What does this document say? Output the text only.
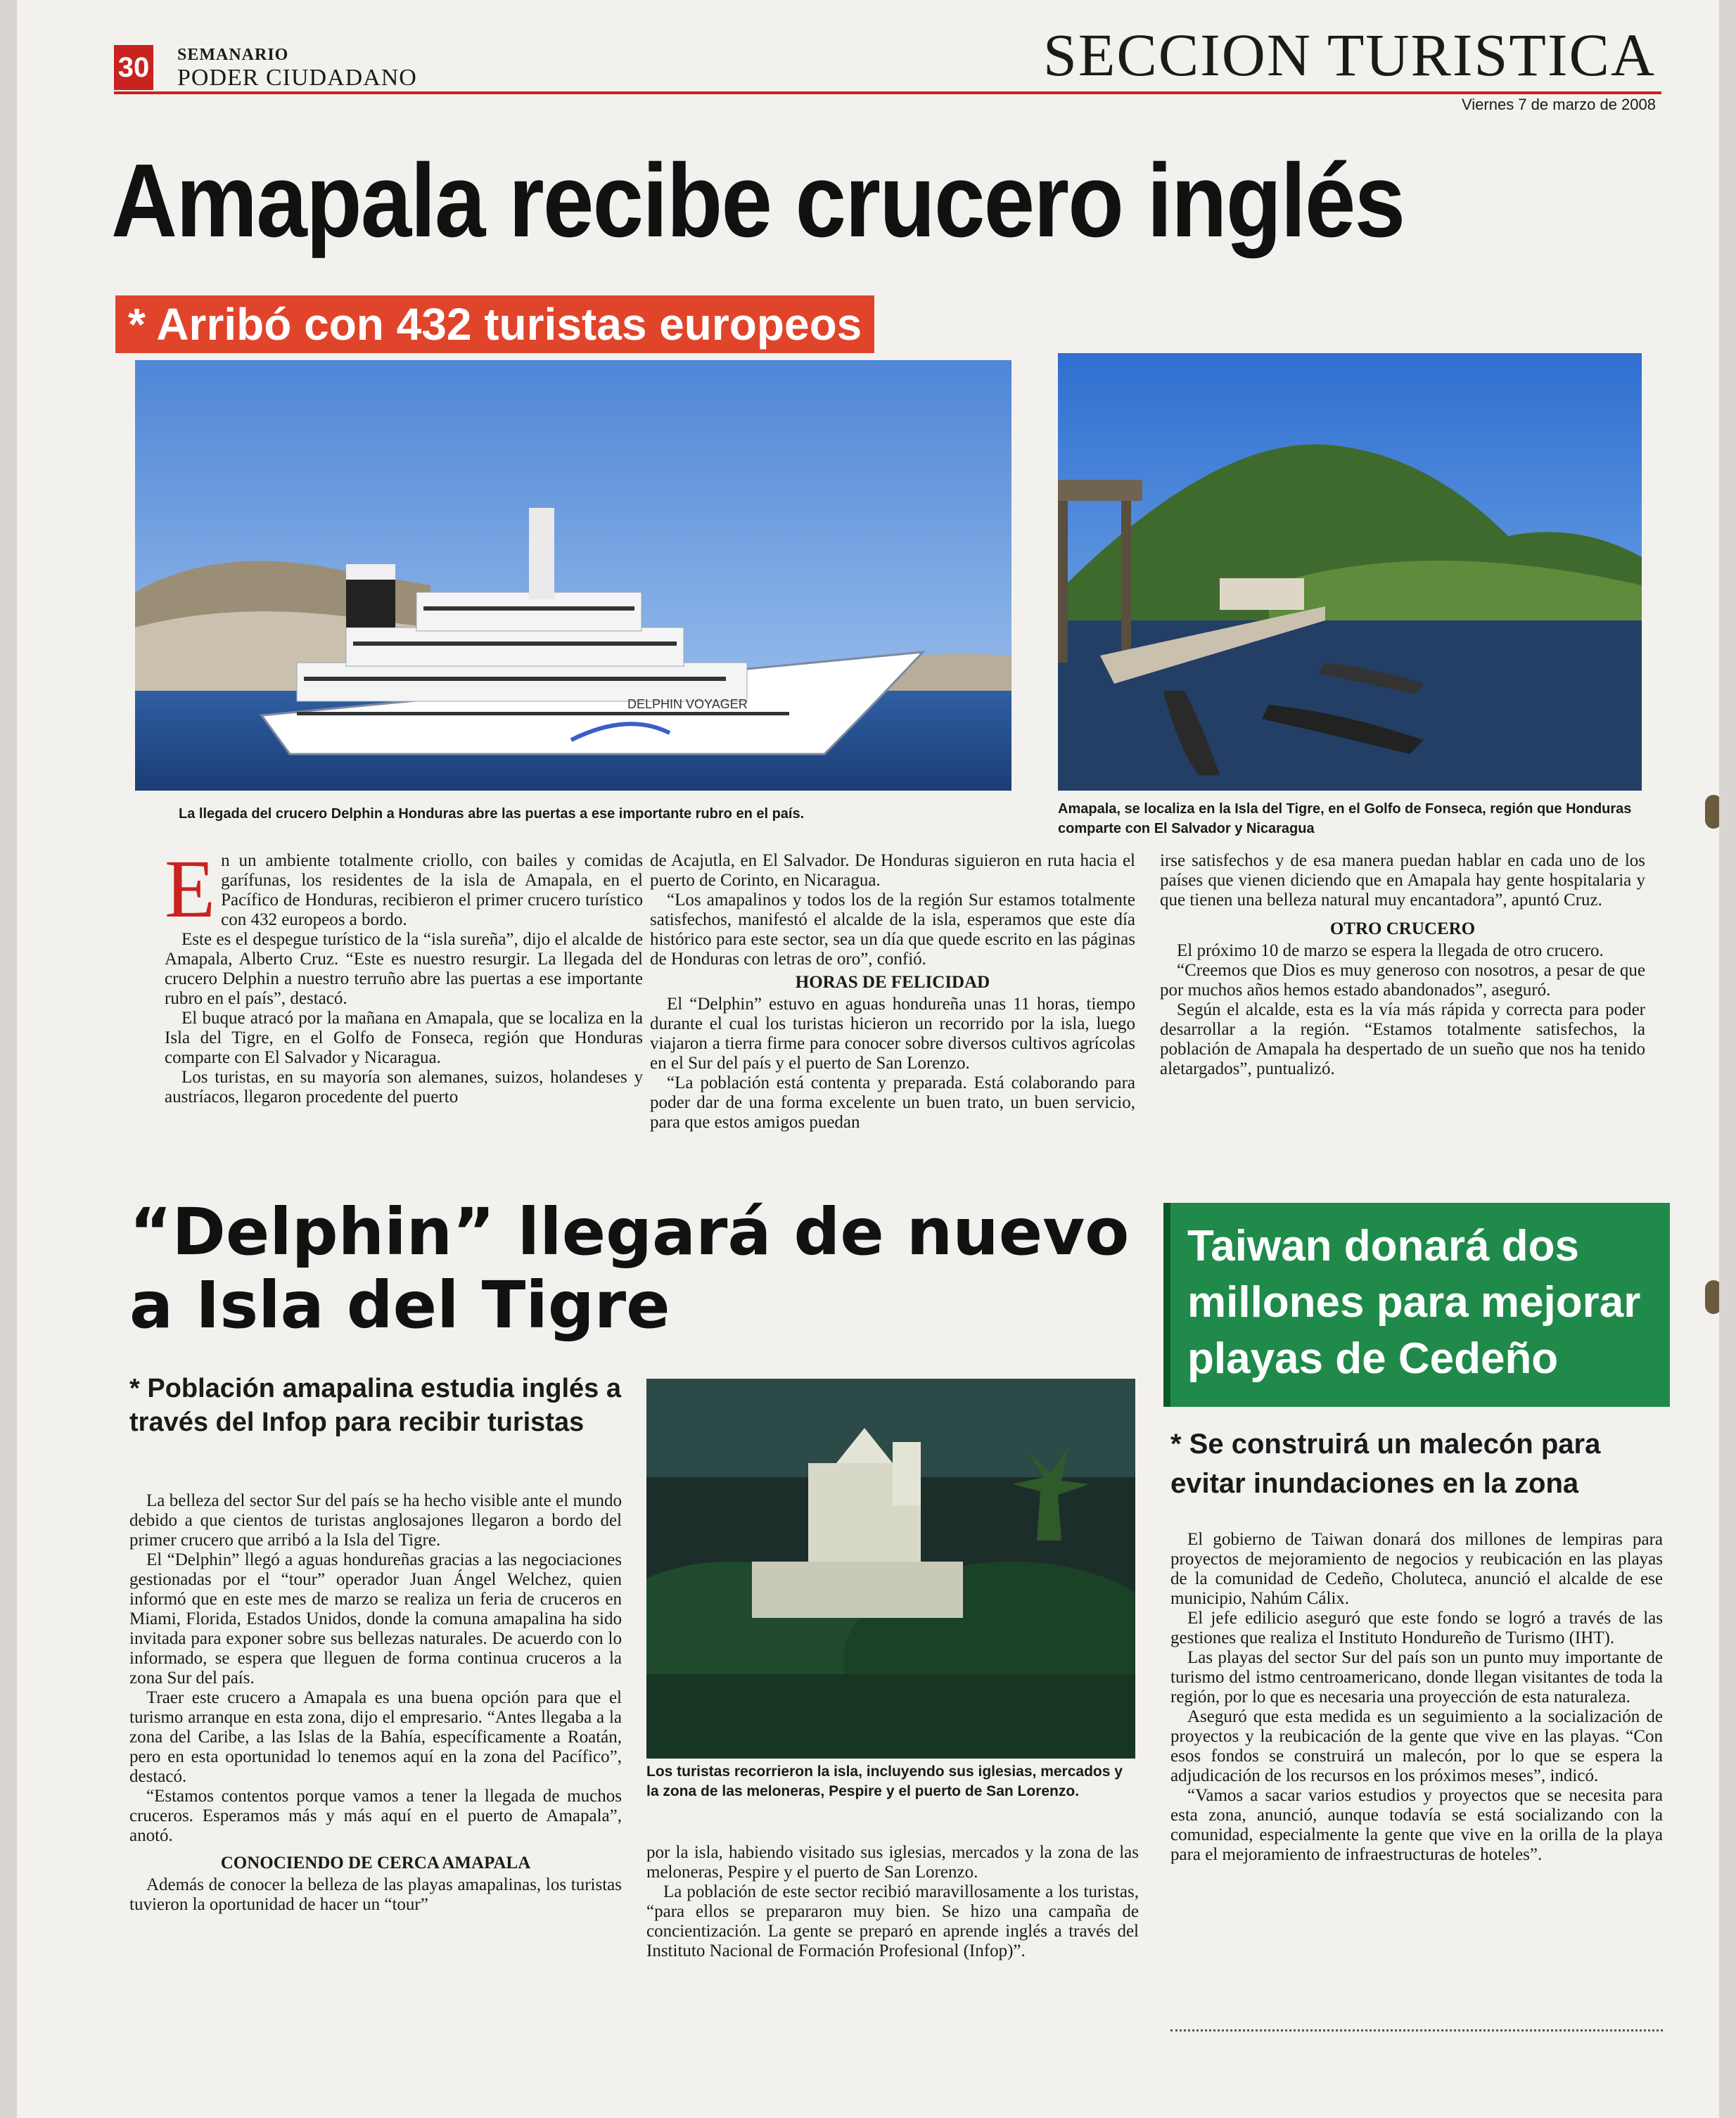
30 SEMANARIO
PODER CIUDADANO	SECCION TURISTICA
Viernes 7 de marzo de 2008
Amapala recibe crucero inglés
* Arribó con 432 turistas europeos
DELPHIN VOYAGER
La llegada del crucero Delphin a Honduras abre las puertas a ese importante rubro en el país.	Amapala, se localiza en la Isla del Tigre, en el Golfo de Fonseca, región que Honduras comparte con El Salvador y Nicaragua

En un ambiente totalmente criollo, con bailes y comidas garífunas, los residentes de la isla de Amapala, en el Pacífico de Honduras, recibieron el primer crucero turístico con 432 europeos a bordo.

Este es el despegue turístico de la “isla sureña”, dijo el alcalde de Amapala, Alberto Cruz. “Este es nuestro resurgir. La llegada del crucero Delphin a nuestro terruño abre las puertas a ese importante rubro en el país”, destacó.

El buque atracó por la mañana en Amapala, que se localiza en la Isla del Tigre, en el Golfo de Fonseca, región que Honduras comparte con El Salvador y Nicaragua.

Los turistas, en su mayoría son alemanes, suizos, holandeses y austríacos, llegaron procedente del puerto

de Acajutla, en El Salvador. De Honduras siguieron en ruta hacia el puerto de Corinto, en Nicaragua.

“Los amapalinos y todos los de la región Sur estamos totalmente satisfechos, manifestó el alcalde de la isla, esperamos que este día histórico para este sector, sea un día que quede escrito en las páginas de Honduras con letras de oro”, confió.

HORAS DE FELICIDAD

El “Delphin” estuvo en aguas hondureña unas 11 horas, tiempo durante el cual los turistas hicieron un recorrido por la isla, luego viajaron a tierra firme para conocer sobre diversos cultivos agrícolas en el Sur del país y el puerto de San Lorenzo.

“La población está contenta y preparada. Está colaborando para poder dar de una forma excelente un buen trato, un buen servicio, para que estos amigos puedan

irse satisfechos y de esa manera puedan hablar en cada uno de los países que vienen diciendo que en Amapala hay gente hospitalaria y que tienen una belleza natural muy encantadora”, apuntó Cruz.

OTRO CRUCERO

El próximo 10 de marzo se espera la llegada de otro crucero.

“Creemos que Dios es muy generoso con nosotros, a pesar de que por muchos años hemos estado abandonados”, aseguró.

Según el alcalde, esta es la vía más rápida y correcta para poder desarrollar a la región. “Estamos totalmente satisfechos, la población de Amapala ha despertado de un sueño que nos ha tenido aletargados”, puntualizó.

“Delphin” llegará de nuevo a Isla del Tigre
* Población amapalina estudia inglés a través del Infop para recibir turistas

La belleza del sector Sur del país se ha hecho visible ante el mundo debido a que cientos de turistas anglosajones llegaron a bordo del primer crucero que arribó a la Isla del Tigre.

El “Delphin” llegó a aguas hondureñas gracias a las negociaciones gestionadas por el “tour” operador Juan Ángel Welchez, quien informó que en este mes de marzo se realiza un feria de cruceros en Miami, Florida, Estados Unidos, donde la comuna amapalina ha sido invitada para exponer sobre sus bellezas naturales. De acuerdo con lo informado, se espera que lleguen de forma continua cruceros a la zona Sur del país.

Traer este crucero a Amapala es una buena opción para que el turismo arranque en esta zona, dijo el empresario. “Antes llegaba a la zona del Caribe, a las Islas de la Bahía, específicamente a Roatán, pero en esta oportunidad lo tenemos aquí en la zona del Pacífico”, destacó.

“Estamos contentos porque vamos a tener la llegada de muchos cruceros. Esperamos más y más aquí en el puerto de Amapala”, anotó.

CONOCIENDO DE CERCA AMAPALA

Además de conocer la belleza de las playas amapalinas, los turistas tuvieron la oportunidad de hacer un “tour”

Los turistas recorrieron la isla, incluyendo sus iglesias, mercados y la zona de las meloneras, Pespire y el puerto de San Lorenzo.

por la isla, habiendo visitado sus iglesias, mercados y la zona de las meloneras, Pespire y el puerto de San Lorenzo.

La población de este sector recibió maravillosamente a los turistas, “para ellos se prepararon muy bien. Se hizo una campaña de concientización. La gente se preparó en aprende inglés a través del Instituto Nacional de Formación Profesional (Infop)”.

Taiwan donará dos millones para mejorar playas de Cedeño
* Se construirá un malecón para evitar inundaciones en la zona

El gobierno de Taiwan donará dos millones de lempiras para proyectos de mejoramiento de negocios y reubicación en las playas de la comunidad de Cedeño, Choluteca, anunció el alcalde de ese municipio, Nahúm Cálix.

El jefe edilicio aseguró que este fondo se logró a través de las gestiones que realiza el Instituto Hondureño de Turismo (IHT).

Las playas del sector Sur del país son un punto muy importante de turismo del istmo centroamericano, donde llegan visitantes de toda la región, por lo que es necesaria una proyección de esta naturaleza.

Aseguró que esta medida es un seguimiento a la socialización de proyectos y la reubicación de la gente que vive en las playas. “Con esos fondos se construirá un malecón, por lo que se espera la adjudicación de los recursos en los próximos meses”, indicó.

“Vamos a sacar varios estudios y proyectos que se necesita para esta zona, anunció, aunque todavía se está socializando con la comunidad, especialmente la gente que vive en la orilla de la playa para el mejoramiento de infraestructuras de hoteles”.
